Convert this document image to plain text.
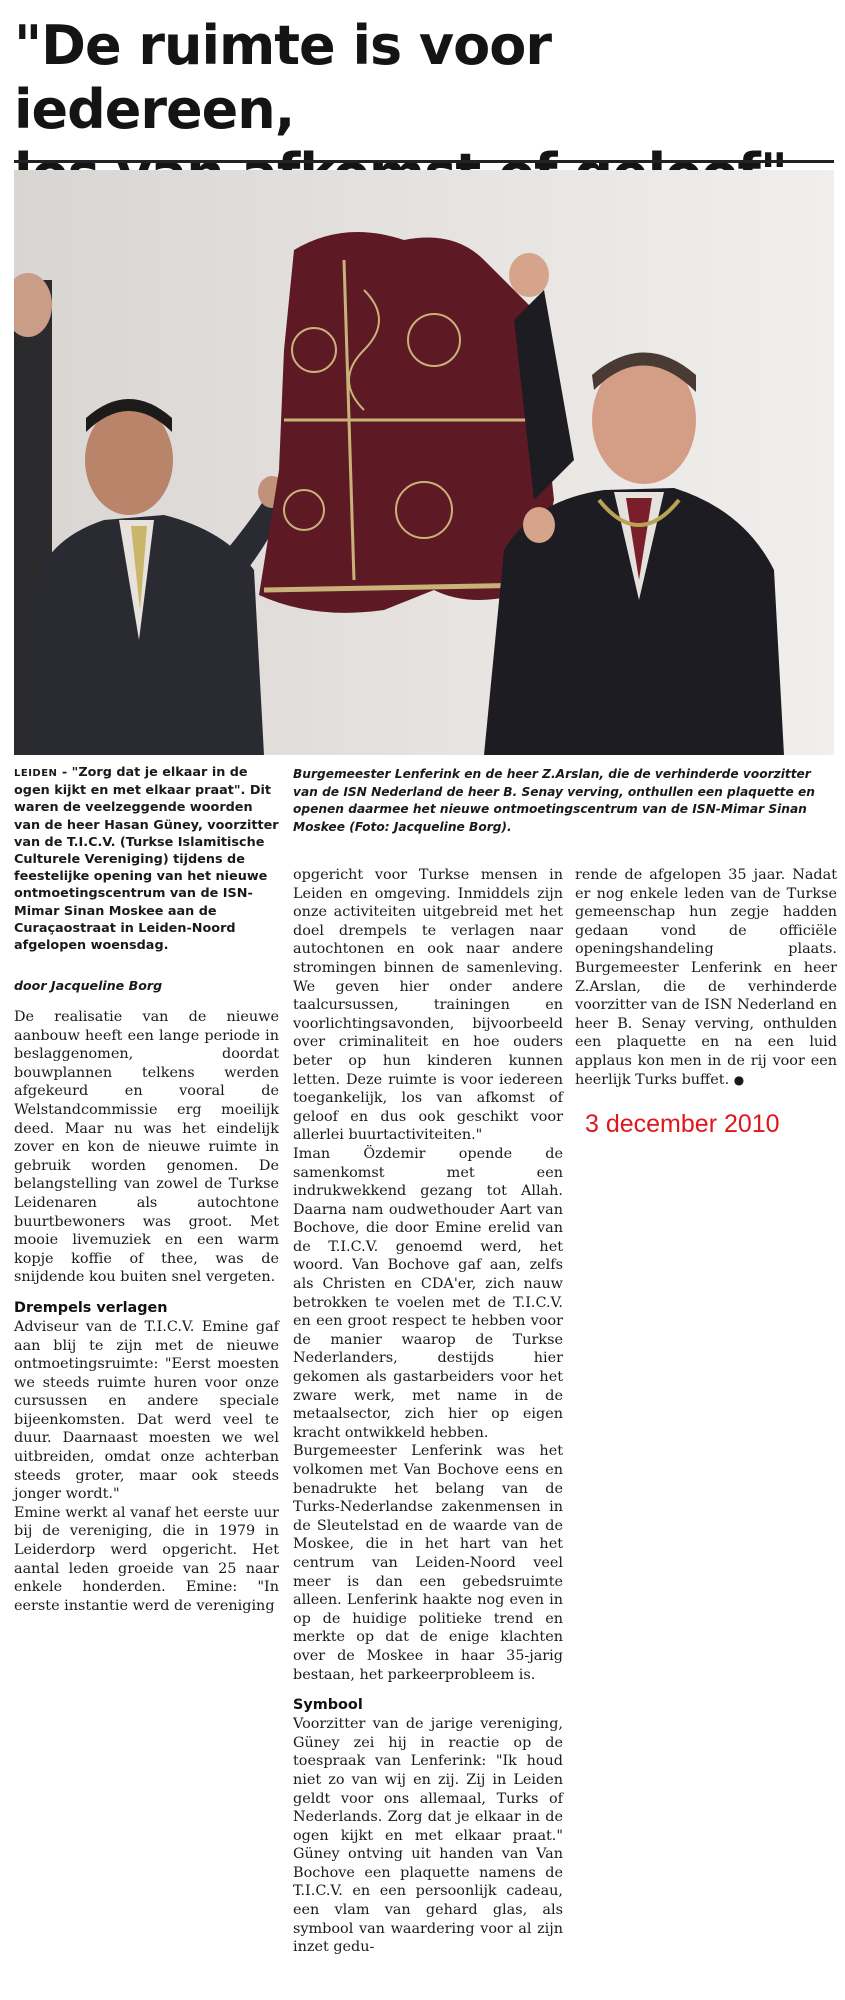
"De ruimte is voor iedereen,

LEIDEN - "Zorg dat je elkaar in de ogen kijkt en met elkaar praat". Dit waren de veelzeggende woorden van de heer Hasan Güney, voorzitter van de T.I.C.V. (Turkse Islamitische Culturele Vereniging) tijdens de feestelijke opening van het nieuwe ontmoetingscentrum van de ISN-Mimar Sinan Moskee aan de Curaçaostraat in Leiden-Noord afgelopen woensdag.
Burgemeester Lenferink en de heer Z.Arslan, die de verhinderde voorzitter van de ISN Nederland de heer B. Senay verving, onthullen een plaquette en openen daarmee het nieuwe ontmoetingscentrum van de ISN-Mimar Sinan Moskee (Foto: Jacqueline Borg).
door Jacqueline Borg

De realisatie van de nieuwe aanbouw heeft een lange periode in beslaggenomen, doordat bouwplannen telkens werden afgekeurd en vooral de Welstandcommissie erg moeilijk deed. Maar nu was het eindelijk zover en kon de nieuwe ruimte in gebruik worden genomen. De belangstelling van zowel de Turkse Leidenaren als autochtone buurtbewoners was groot. Met mooie livemuziek en een warm kopje koffie of thee, was de snijdende kou buiten snel vergeten.

Drempels verlagen

Adviseur van de T.I.C.V. Emine gaf aan blij te zijn met de nieuwe ontmoetingsruimte: "Eerst moesten we steeds ruimte huren voor onze cursussen en andere speciale bijeenkomsten. Dat werd veel te duur. Daarnaast moesten we wel uitbreiden, omdat onze achterban steeds groter, maar ook steeds jonger wordt."

Emine werkt al vanaf het eerste uur bij de vereniging, die in 1979 in Leiderdorp werd opgericht. Het aantal leden groeide van 25 naar enkele honderden. Emine: "In eerste instantie werd de vereniging

opgericht voor Turkse mensen in Leiden en omgeving. Inmiddels zijn onze activiteiten uitgebreid met het doel drempels te verlagen naar autochtonen en ook naar andere stromingen binnen de samenleving. We geven hier onder andere taalcursussen, trainingen en voorlichtingsavonden, bijvoorbeeld over criminaliteit en hoe ouders beter op hun kinderen kunnen letten. Deze ruimte is voor iedereen toegankelijk, los van afkomst of geloof en dus ook geschikt voor allerlei buurtactiviteiten."

Iman Özdemir opende de samenkomst met een indrukwekkend gezang tot Allah. Daarna nam oudwethouder Aart van Bochove, die door Emine erelid van de T.I.C.V. genoemd werd, het woord. Van Bochove gaf aan, zelfs als Christen en CDA'er, zich nauw betrokken te voelen met de T.I.C.V. en een groot respect te hebben voor de manier waarop de Turkse Nederlanders, destijds hier gekomen als gastarbeiders voor het zware werk, met name in de metaalsector, zich hier op eigen kracht ontwikkeld hebben.

Burgemeester Lenferink was het volkomen met Van Bochove eens en benadrukte het belang van de Turks-Nederlandse zakenmensen in de Sleutelstad en de waarde van de Moskee, die in het hart van het centrum van Leiden-Noord veel meer is dan een gebedsruimte alleen. Lenferink haakte nog even in op de huidige politieke trend en merkte op dat de enige klachten over de Moskee in haar 35-jarig bestaan, het parkeerprobleem is.

Symbool

Voorzitter van de jarige vereniging, Güney zei hij in reactie op de toespraak van Lenferink: "Ik houd niet zo van wij en zij. Zij in Leiden geldt voor ons allemaal, Turks of Nederlands. Zorg dat je elkaar in de ogen kijkt en met elkaar praat." Güney ontving uit handen van Van Bochove een plaquette namens de T.I.C.V. en een persoonlijk cadeau, een vlam van gehard glas, als symbool van waardering voor al zijn inzet gedu-

rende de afgelopen 35 jaar. Nadat er nog enkele leden van de Turkse gemeenschap hun zegje hadden gedaan vond de officiële openingshandeling plaats. Burgemeester Lenferink en heer Z.Arslan, die de verhinderde voorzitter van de ISN Nederland en heer B. Senay verving, onthulden een plaquette en na een luid applaus kon men in de rij voor een heerlijk Turks buffet. ●

3 december 2010
